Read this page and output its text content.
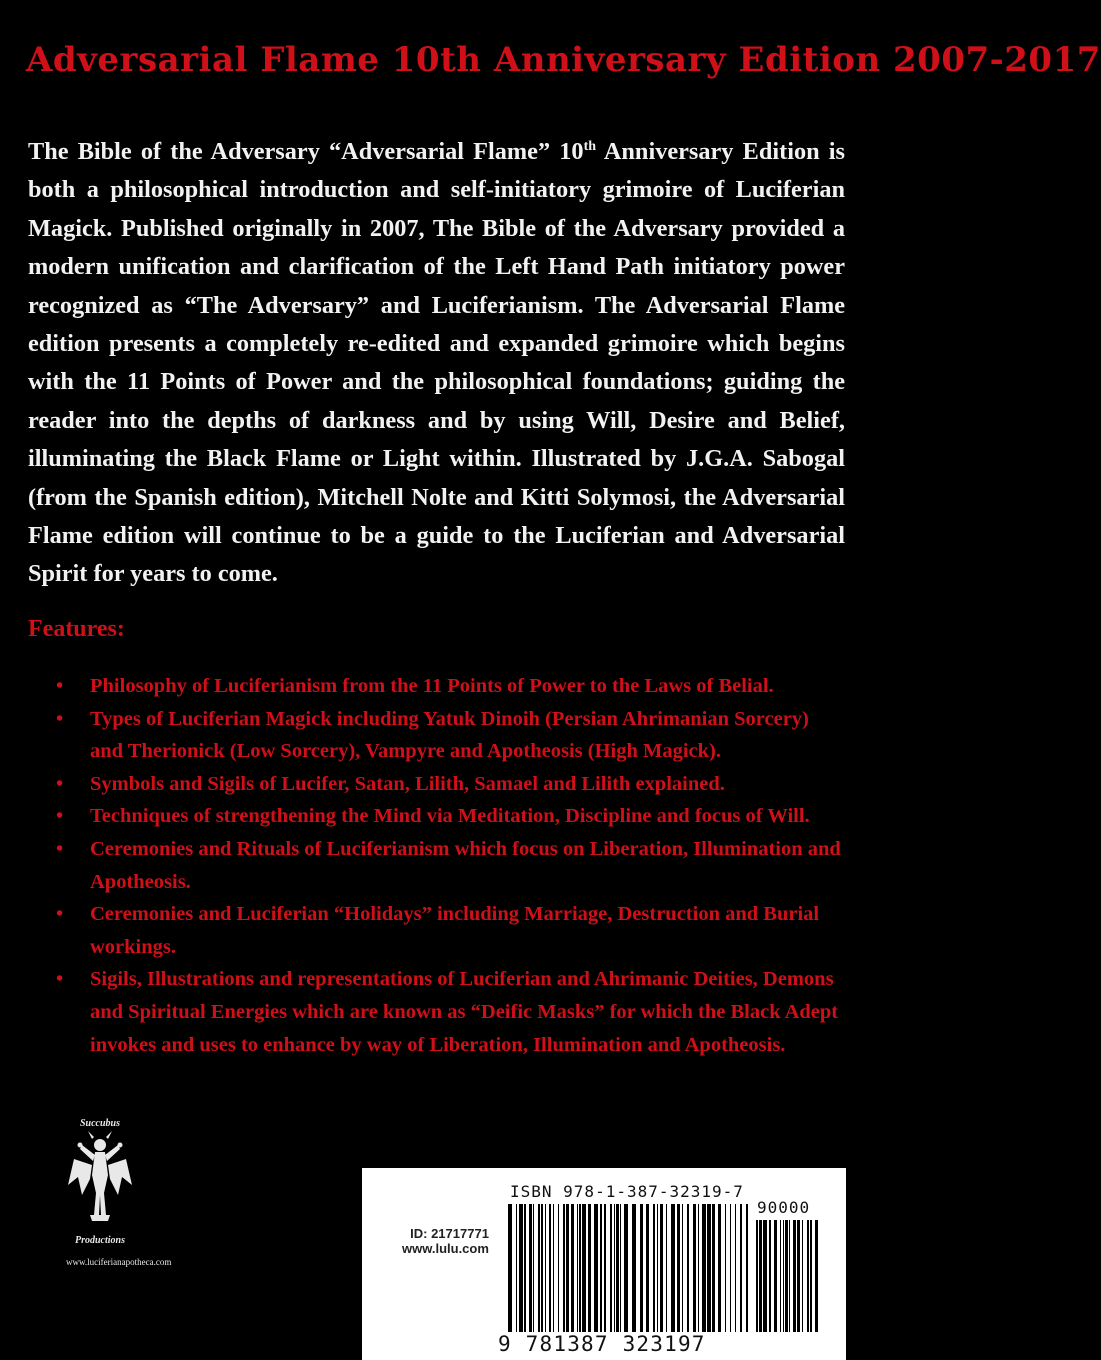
Adversarial Flame 10th Anniversary Edition 2007-2017

The Bible of the Adversary “Adversarial Flame” 10th Anniversary Edition is both a philosophical introduction and self-initiatory grimoire of Luciferian Magick. Published originally in 2007, The Bible of the Adversary provided a modern unification and clarification of the Left Hand Path initiatory power recognized as “The Adversary” and Luciferianism. The Adversarial Flame edition presents a completely re-edited and expanded grimoire which begins with the 11 Points of Power and the philosophical foundations; guiding the reader into the depths of darkness and by using Will, Desire and Belief, illuminating the Black Flame or Light within. Illustrated by J.G.A. Sabogal (from the Spanish edition), Mitchell Nolte and Kitti Solymosi, the Adversarial Flame edition will continue to be a guide to the Luciferian and Adversarial Spirit for years to come.

Features:
• Philosophy of Luciferianism from the 11 Points of Power to the Laws of Belial.
• Types of Luciferian Magick including Yatuk Dinoih (Persian Ahrimanian Sorcery) and Therionick (Low Sorcery), Vampyre and Apotheosis (High Magick).
• Symbols and Sigils of Lucifer, Satan, Lilith, Samael and Lilith explained.
• Techniques of strengthening the Mind via Meditation, Discipline and focus of Will.
• Ceremonies and Rituals of Luciferianism which focus on Liberation, Illumination and Apotheosis.
• Ceremonies and Luciferian “Holidays” including Marriage, Destruction and Burial workings.
• Sigils, Illustrations and representations of Luciferian and Ahrimanic Deities, Demons and Spiritual Energies which are known as “Deific Masks” for which the Black Adept invokes and uses to enhance by way of Liberation, Illumination and Apotheosis.
Succubus
Productions
www.luciferianapotheca.com
ISBN 978-1-387-32319-7
90000
ID: 21717771
www.lulu.com
9 781387 323197
